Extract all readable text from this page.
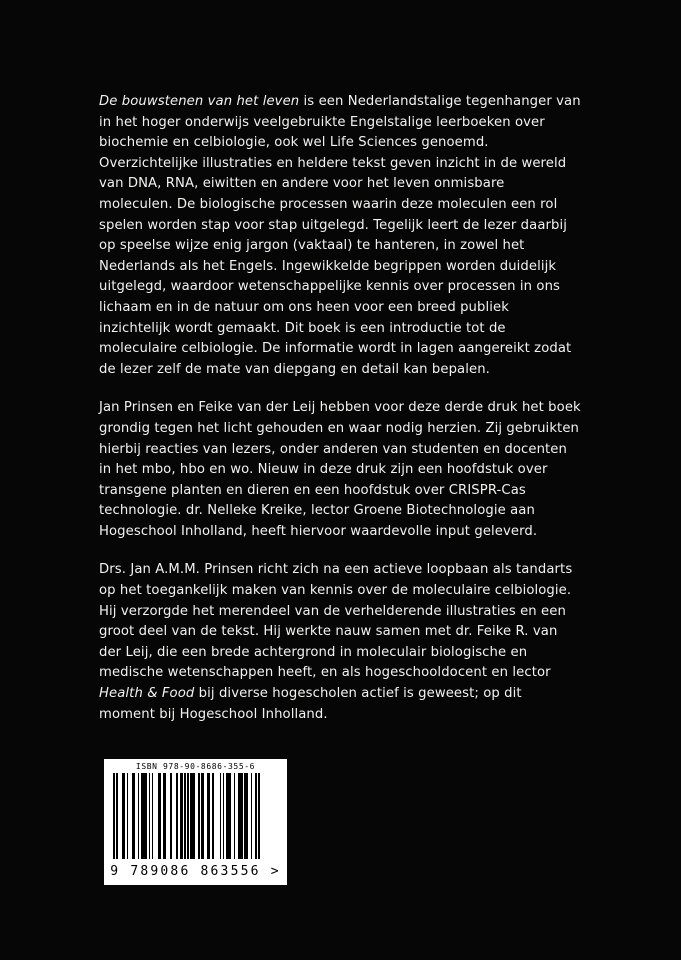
De bouwstenen van het leven is een Nederlandstalige tegenhanger van in het hoger onderwijs veelgebruikte Engelstalige leerboeken over biochemie en celbiologie, ook wel Life Sciences genoemd. Overzichtelijke illustraties en heldere tekst geven inzicht in de wereld van DNA, RNA, eiwitten en andere voor het leven onmisbare moleculen. De biologische processen waarin deze moleculen een rol spelen worden stap voor stap uitgelegd. Tegelijk leert de lezer daarbij op speelse wijze enig jargon (vaktaal) te hanteren, in zowel het Nederlands als het Engels. Ingewikkelde begrippen worden duidelijk uitgelegd, waardoor wetenschappelijke kennis over processen in ons lichaam en in de natuur om ons heen voor een breed publiek inzichtelijk wordt gemaakt. Dit boek is een introductie tot de moleculaire celbiologie. De informatie wordt in lagen aangereikt zodat de lezer zelf de mate van diepgang en detail kan bepalen.

Jan Prinsen en Feike van der Leij hebben voor deze derde druk het boek grondig tegen het licht gehouden en waar nodig herzien. Zij gebruikten hierbij reacties van lezers, onder anderen van studenten en docenten in het mbo, hbo en wo. Nieuw in deze druk zijn een hoofdstuk over transgene planten en dieren en een hoofdstuk over CRISPR-Cas technologie. dr. Nelleke Kreike, lector Groene Biotechnologie aan Hogeschool Inholland, heeft hiervoor waardevolle input geleverd.

Drs. Jan A.M.M. Prinsen richt zich na een actieve loopbaan als tandarts op het toegankelijk maken van kennis over de moleculaire celbiologie. Hij verzorgde het merendeel van de verhelderende illustraties en een groot deel van de tekst. Hij werkte nauw samen met dr. Feike R. van der Leij, die een brede achtergrond in moleculair biologische en medische wetenschappen heeft, en als hogeschooldocent en lector Health & Food bij diverse hogescholen actief is geweest; op dit moment bij Hogeschool Inholland.

ISBN 978-90-8686-355-6
9 789086 863556 >
